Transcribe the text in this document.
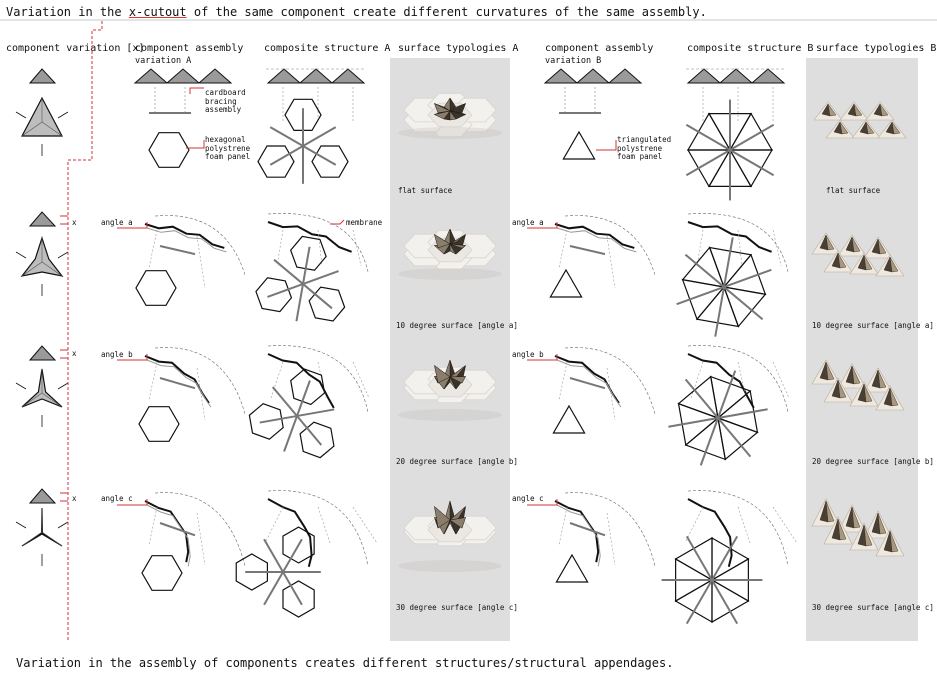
Variation in the x-cutout of the same component create different curvatures of the same assembly.
component variation [x]
component assembly
variation A
composite structure A surface typologies A	component assembly
variation B
composite structure B surface typologies B
cardboard bracing assembly
hexagonal polystrene foam panel
triangulated polystrene foam panel
membrane
x
x
x
angle a
angle b
angle c
angle a
angle b
angle c
flat surface
10 degree surface [angle a]
20 degree surface [angle b]
30 degree surface [angle c]
flat surface
10 degree surface [angle a]
20 degree surface [angle b]
30 degree surface [angle c]
Variation in the assembly of components creates different structures/structural appendages.
